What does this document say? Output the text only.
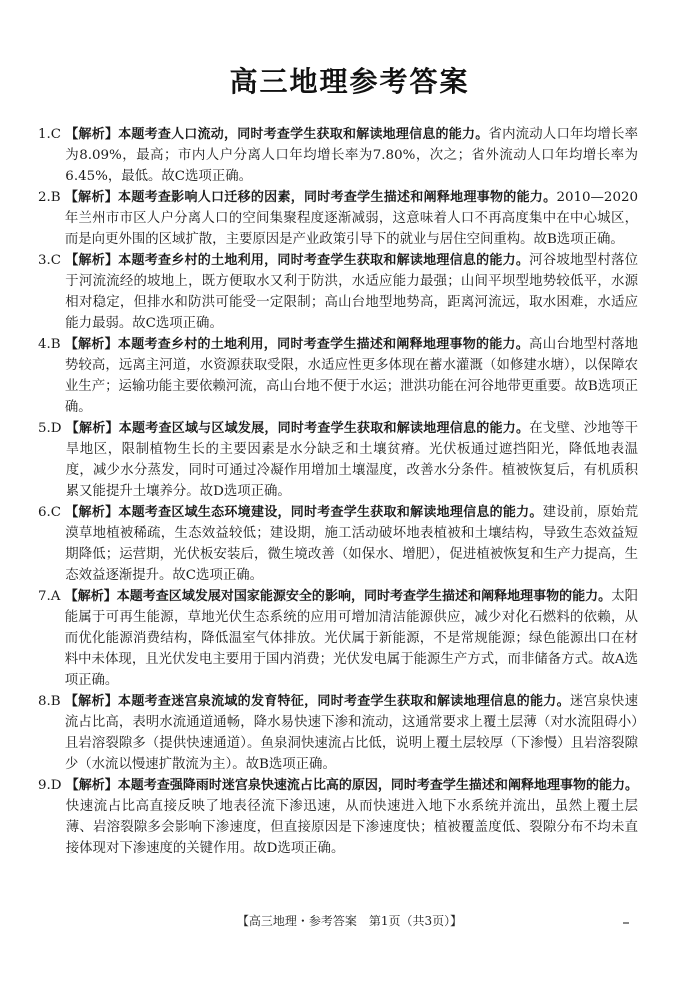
高三地理参考答案
1.C
【解析】本题考查人口流动，同时考查学生获取和解读地理信息的能力。省内流动人口年均增长率为8.09%，最高；市内人户分离人口年均增长率为7.80%，次之；省外流动人口年均增长率为6.45%，最低。故C选项正确。
2.B
【解析】本题考查影响人口迁移的因素，同时考查学生描述和阐释地理事物的能力。2010—2020年兰州市市区人户分离人口的空间集聚程度逐渐减弱，这意味着人口不再高度集中在中心城区，而是向更外围的区域扩散，主要原因是产业政策引导下的就业与居住空间重构。故B选项正确。
3.C
【解析】本题考查乡村的土地利用，同时考查学生获取和解读地理信息的能力。河谷坡地型村落位于河流流经的坡地上，既方便取水又利于防洪，水适应能力最强；山间平坝型地势较低平，水源相对稳定，但排水和防洪可能受一定限制；高山台地型地势高，距离河流远，取水困难，水适应能力最弱。故C选项正确。
4.B
【解析】本题考查乡村的土地利用，同时考查学生描述和阐释地理事物的能力。高山台地型村落地势较高，远离主河道，水资源获取受限，水适应性更多体现在蓄水灌溉（如修建水塘），以保障农业生产；运输功能主要依赖河流，高山台地不便于水运；泄洪功能在河谷地带更重要。故B选项正确。
5.D
【解析】本题考查区域与区域发展，同时考查学生获取和解读地理信息的能力。在戈壁、沙地等干旱地区，限制植物生长的主要因素是水分缺乏和土壤贫瘠。光伏板通过遮挡阳光，降低地表温度，减少水分蒸发，同时可通过冷凝作用增加土壤湿度，改善水分条件。植被恢复后，有机质积累又能提升土壤养分。故D选项正确。
6.C
【解析】本题考查区域生态环境建设，同时考查学生获取和解读地理信息的能力。建设前，原始荒漠草地植被稀疏，生态效益较低；建设期，施工活动破坏地表植被和土壤结构，导致生态效益短期降低；运营期，光伏板安装后，微生境改善（如保水、增肥），促进植被恢复和生产力提高，生态效益逐渐提升。故C选项正确。
7.A
【解析】本题考查区域发展对国家能源安全的影响，同时考查学生描述和阐释地理事物的能力。太阳能属于可再生能源，草地光伏生态系统的应用可增加清洁能源供应，减少对化石燃料的依赖，从而优化能源消费结构，降低温室气体排放。光伏属于新能源，不是常规能源；绿色能源出口在材料中未体现，且光伏发电主要用于国内消费；光伏发电属于能源生产方式，而非储备方式。故A选项正确。
8.B
【解析】本题考查迷宫泉流域的发育特征，同时考查学生获取和解读地理信息的能力。迷宫泉快速流占比高，表明水流通道通畅，降水易快速下渗和流动，这通常要求上覆土层薄（对水流阻碍小）且岩溶裂隙多（提供快速通道）。鱼泉洞快速流占比低，说明上覆土层较厚（下渗慢）且岩溶裂隙少（水流以慢速扩散流为主）。故B选项正确。
9.D
【解析】本题考查强降雨时迷宫泉快速流占比高的原因，同时考查学生描述和阐释地理事物的能力。快速流占比高直接反映了地表径流下渗迅速，从而快速进入地下水系统并流出，虽然上覆土层薄、岩溶裂隙多会影响下渗速度，但直接原因是下渗速度快；植被覆盖度低、裂隙分布不均未直接体现对下渗速度的关键作用。故D选项正确。
【高三地理・参考答案　第1页（共3页）】
